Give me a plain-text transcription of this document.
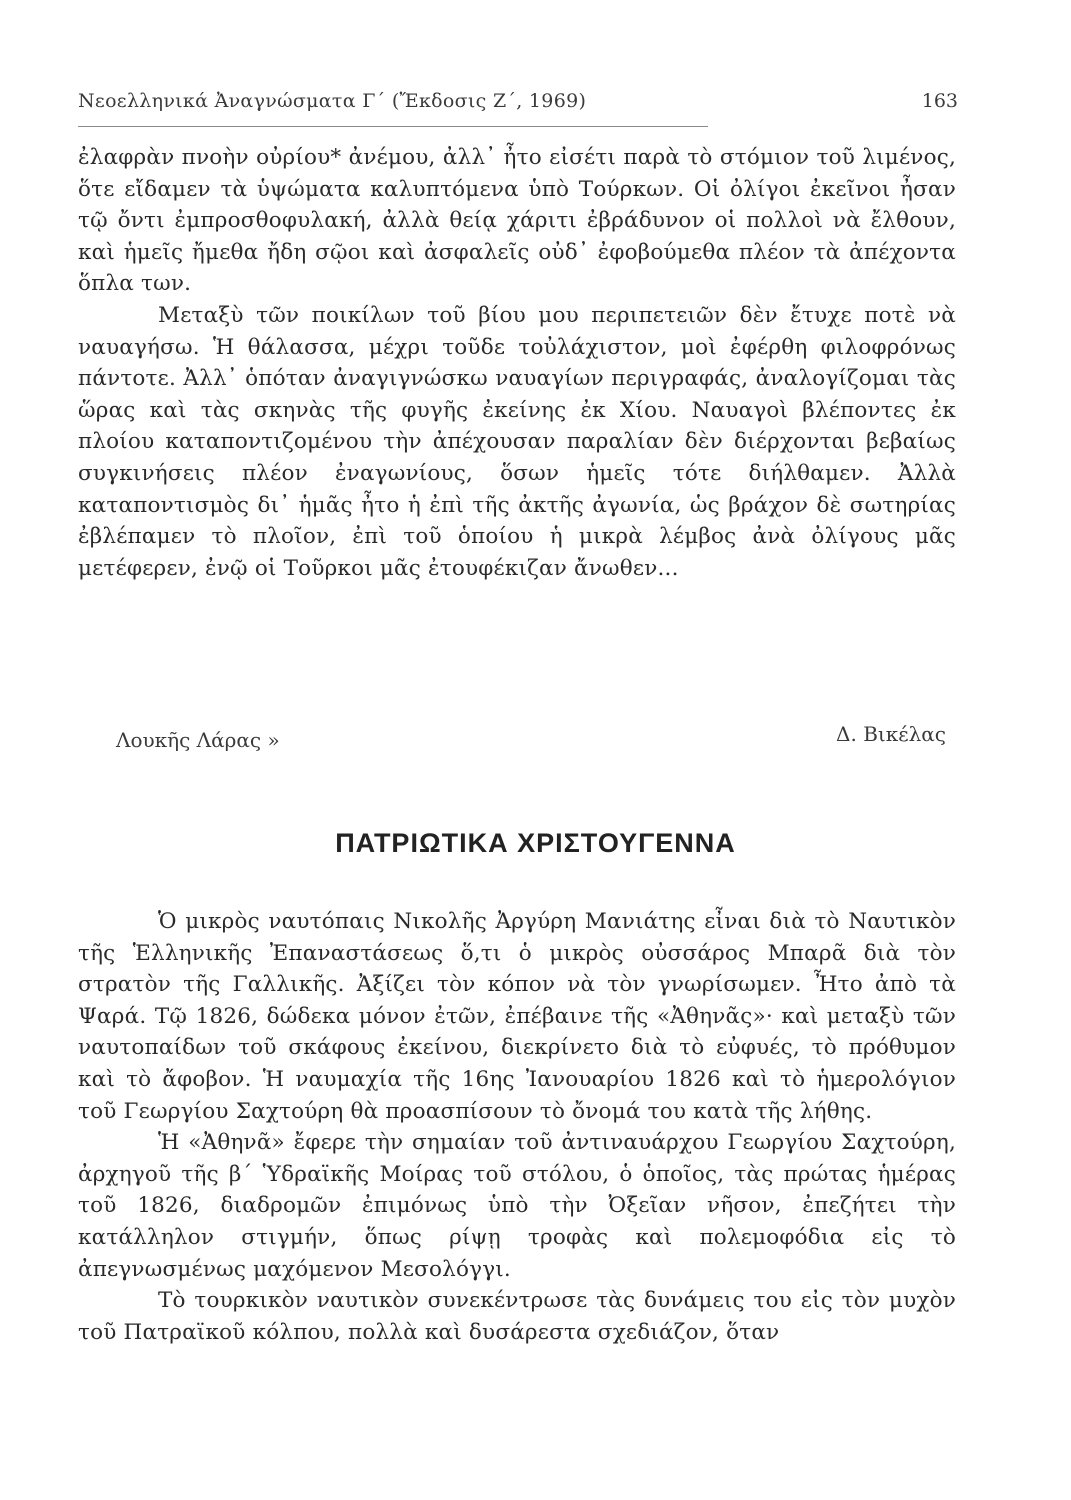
Νεοελληνικά Ἀναγνώσματα Γ΄ (Ἔκδοσις Ζ΄, 1969)	163

ἐλαφρὰν πνοὴν οὐρίου* ἀνέμου, ἀλλ᾿ ἦτο εἰσέτι παρὰ τὸ στόμιον τοῦ λιμένος, ὅτε εἴδαμεν τὰ ὑψώματα καλυπτόμενα ὑπὸ Τούρκων. Οἱ ὀλίγοι ἐκεῖνοι ἦσαν τῷ ὄντι ἐμπροσθοφυλακή, ἀλλὰ θείᾳ χάριτι ἐβράδυνον οἱ πολλοὶ νὰ ἔλθουν, καὶ ἡμεῖς ἤμεθα ἤδη σῷοι καὶ ἀσφαλεῖς οὐδ᾿ ἐφοβούμεθα πλέον τὰ ἀπέχοντα ὅπλα των.

Μεταξὺ τῶν ποικίλων τοῦ βίου μου περιπετειῶν δὲν ἔτυχε ποτὲ νὰ ναυαγήσω. Ἡ θάλασσα, μέχρι τοῦδε τοὐλάχιστον, μοὶ ἐφέρθη φιλοφρόνως πάντοτε. Ἀλλ᾿ ὁπόταν ἀναγιγνώσκω ναυαγίων περιγραφάς, ἀναλογίζομαι τὰς ὥρας καὶ τὰς σκηνὰς τῆς φυγῆς ἐκείνης ἐκ Χίου. Ναυαγοὶ βλέποντες ἐκ πλοίου καταποντιζομένου τὴν ἀπέχουσαν παραλίαν δὲν διέρχονται βεβαίως συγκινήσεις πλέον ἐναγωνίους, ὅσων ἡμεῖς τότε διήλθαμεν. Ἀλλὰ καταποντισμὸς δι᾿ ἡμᾶς ἦτο ἡ ἐπὶ τῆς ἀκτῆς ἀγωνία, ὡς βράχον δὲ σωτηρίας ἐβλέπαμεν τὸ πλοῖον, ἐπὶ τοῦ ὁποίου ἡ μικρὰ λέμβος ἀνὰ ὀλίγους μᾶς μετέφερεν, ἐνῷ οἱ Τοῦρκοι μᾶς ἐτουφέκιζαν ἄνωθεν...

Λουκῆς Λάρας »	Δ. Βικέλας
ΠΑΤΡΙΩΤΙΚΑ ΧΡΙΣΤΟΥΓΕΝΝΑ

Ὁ μικρὸς ναυτόπαις Νικολῆς Ἀργύρη Μανιάτης εἶναι διὰ τὸ Ναυτικὸν τῆς Ἑλληνικῆς Ἐπαναστάσεως ὅ,τι ὁ μικρὸς οὐσσάρος Μπαρᾶ διὰ τὸν στρατὸν τῆς Γαλλικῆς. Ἀξίζει τὸν κόπον νὰ τὸν γνωρίσωμεν. Ἦτο ἀπὸ τὰ Ψαρά. Τῷ 1826, δώδεκα μόνον ἐτῶν, ἐπέβαινε τῆς «Ἀθηνᾶς»· καὶ μεταξὺ τῶν ναυτοπαίδων τοῦ σκάφους ἐκείνου, διεκρίνετο διὰ τὸ εὐφυές, τὸ πρόθυμον καὶ τὸ ἄφοβον. Ἡ ναυμαχία τῆς 16ης Ἰανουαρίου 1826 καὶ τὸ ἡμερολόγιον τοῦ Γεωργίου Σαχτούρη θὰ προασπίσουν τὸ ὄνομά του κατὰ τῆς λήθης.

Ἡ «Ἀθηνᾶ» ἔφερε τὴν σημαίαν τοῦ ἀντιναυάρχου Γεωργίου Σαχτούρη, ἀρχηγοῦ τῆς β΄ Ὑδραϊκῆς Μοίρας τοῦ στόλου, ὁ ὁποῖος, τὰς πρώτας ἡμέρας τοῦ 1826, διαδρομῶν ἐπιμόνως ὑπὸ τὴν Ὀξεῖαν νῆσον, ἐπεζήτει τὴν κατάλληλον στιγμήν, ὅπως ρίψῃ τροφὰς καὶ πολεμοφόδια εἰς τὸ ἀπεγνωσμένως μαχόμενον Μεσολόγγι.

Τὸ τουρκικὸν ναυτικὸν συνεκέντρωσε τὰς δυνάμεις του εἰς τὸν μυχὸν τοῦ Πατραϊκοῦ κόλπου, πολλὰ καὶ δυσάρεστα σχεδιάζον, ὅταν
